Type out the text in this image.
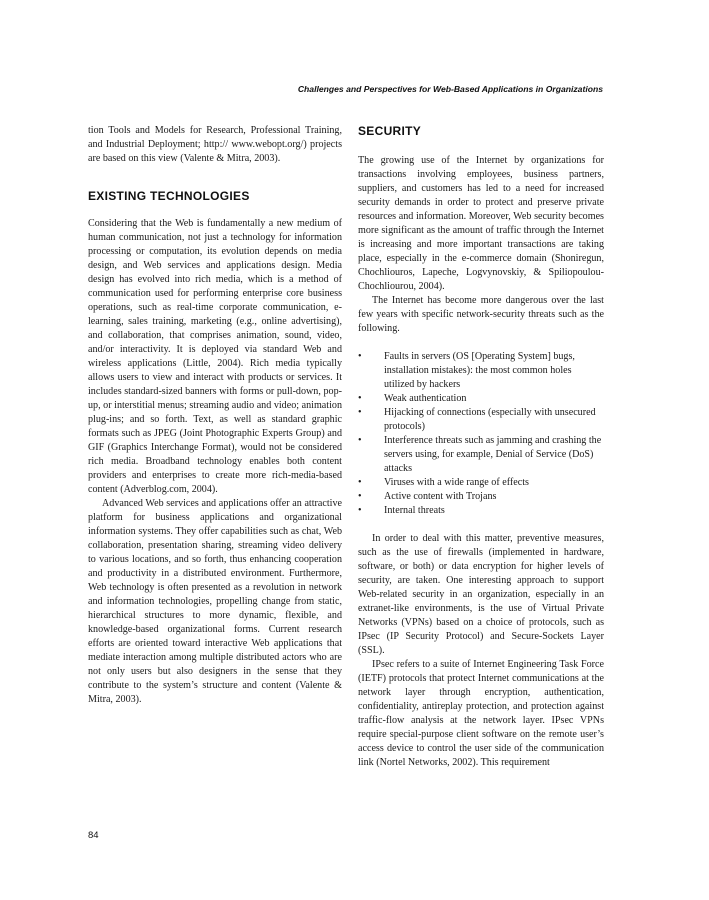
Challenges and Perspectives for Web-Based Applications in Organizations

tion Tools and Models for Research, Professional Training, and Industrial Deployment; http:// www.webopt.org/) projects are based on this view (Valente & Mitra, 2003).

EXISTING TECHNOLOGIES

Considering that the Web is fundamentally a new medium of human communication, not just a technology for information processing or computation, its evolution depends on media design, and Web services and applications design. Media design has evolved into rich media, which is a method of communication used for performing enterprise core business operations, such as real-time corporate communication, e-learning, sales training, marketing (e.g., online advertising), and collaboration, that comprises animation, sound, video, and/or interactivity. It is deployed via standard Web and wireless applications (Little, 2004). Rich media typically allows users to view and interact with products or services. It includes standard-sized banners with forms or pull-down, pop-up, or interstitial menus; streaming audio and video; animation plug-ins; and so forth. Text, as well as standard graphic formats such as JPEG (Joint Photographic Experts Group) and GIF (Graphics Interchange Format), would not be considered rich media. Broadband technology enables both content providers and enterprises to create more rich-media-based content (Adverblog.com, 2004).

Advanced Web services and applications offer an attractive platform for business applications and organizational information systems. They offer capabilities such as chat, Web collaboration, presentation sharing, streaming video delivery to various locations, and so forth, thus enhancing cooperation and productivity in a distributed environment. Furthermore, Web technology is often presented as a revolution in network and information technologies, propelling change from static, hierarchical structures to more dynamic, flexible, and knowledge-based organizational forms. Current research efforts are oriented toward interactive Web applications that mediate interaction among multiple distributed actors who are not only users but also designers in the sense that they contribute to the system’s structure and content (Valente & Mitra, 2003).

SECURITY

The growing use of the Internet by organizations for transactions involving employees, business partners, suppliers, and customers has led to a need for increased security demands in order to protect and preserve private resources and information. Moreover, Web security becomes more significant as the amount of traffic through the Internet is increasing and more important transactions are taking place, especially in the e-commerce domain (Shoniregun, Chochliouros, Lapeche, Logvynovskiy, & Spiliopoulou-Chochliourou, 2004).

The Internet has become more dangerous over the last few years with specific network-security threats such as the following.

•	Faults in servers (OS [Operating System] bugs, installation mistakes): the most common holes utilized by hackers
•	Weak authentication
•	Hijacking of connections (especially with unsecured protocols)
•	Interference threats such as jamming and crashing the servers using, for example, Denial of Service (DoS) attacks
•	Viruses with a wide range of effects
•	Active content with Trojans
•	Internal threats

In order to deal with this matter, preventive measures, such as the use of firewalls (implemented in hardware, software, or both) or data encryption for higher levels of security, are taken. One interesting approach to support Web-related security in an organization, especially in an extranet-like environments, is the use of Virtual Private Networks (VPNs) based on a choice of protocols, such as IPsec (IP Security Protocol) and Secure-Sockets Layer (SSL).

IPsec refers to a suite of Internet Engineering Task Force (IETF) protocols that protect Internet communications at the network layer through encryption, authentication, confidentiality, antireplay protection, and protection against traffic-flow analysis at the network layer. IPsec VPNs require special-purpose client software on the remote user’s access device to control the user side of the communication link (Nortel Networks, 2002). This requirement

84
